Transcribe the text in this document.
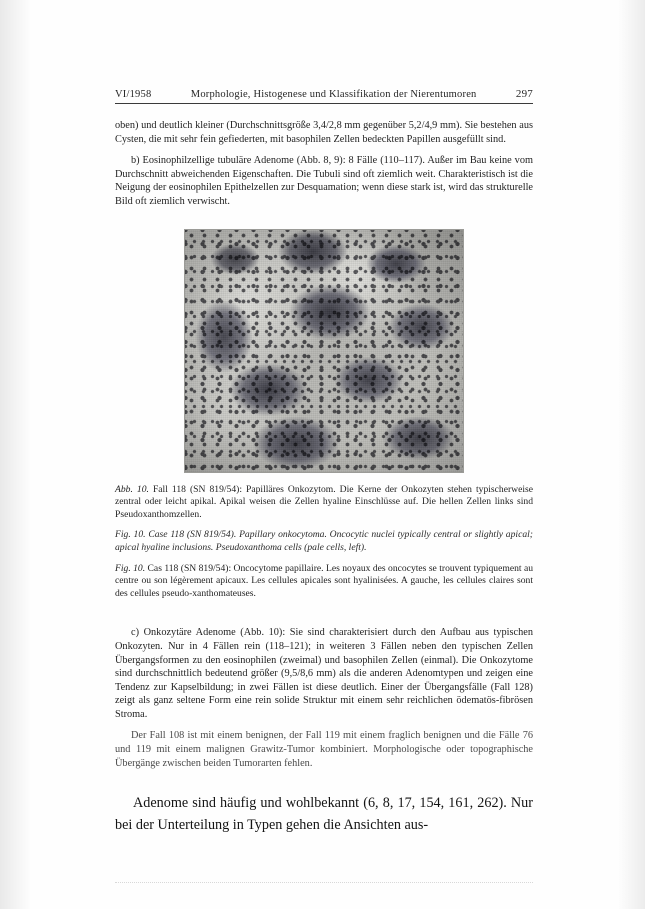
VI/1958	Morphologie, Histogenese und Klassifikation der Nierentumoren	297

oben) und deutlich kleiner (Durchschnittsgröße 3,4/2,8 mm gegenüber 5,2/4,9 mm). Sie bestehen aus Cysten, die mit sehr fein gefiederten, mit basophilen Zellen bedeckten Papillen ausgefüllt sind.

b) Eosinophilzellige tubuläre Adenome (Abb. 8, 9): 8 Fälle (110–117). Außer im Bau keine vom Durchschnitt abweichenden Eigenschaften. Die Tubuli sind oft ziemlich weit. Charakteristisch ist die Neigung der eosinophilen Epithelzellen zur Desquamation; wenn diese stark ist, wird das strukturelle Bild oft ziemlich verwischt.

Abb. 10. Fall 118 (SN 819/54): Papilläres Onkozytom. Die Kerne der Onkozyten stehen typischerweise zentral oder leicht apikal. Apikal weisen die Zellen hyaline Einschlüsse auf. Die hellen Zellen links sind Pseudoxanthomzellen.
Fig. 10. Case 118 (SN 819/54). Papillary onkocytoma. Oncocytic nuclei typically central or slightly apical; apical hyaline inclusions. Pseudoxanthoma cells (pale cells, left).
Fig. 10. Cas 118 (SN 819/54): Oncocytome papillaire. Les noyaux des oncocytes se trouvent typiquement au centre ou son légèrement apicaux. Les cellules apicales sont hyalinisées. A gauche, les cellules claires sont des cellules pseudo-xanthomateuses.

c) Onkozytäre Adenome (Abb. 10): Sie sind charakterisiert durch den Aufbau aus typischen Onkozyten. Nur in 4 Fällen rein (118–121); in weiteren 3 Fällen neben den typischen Zellen Übergangsformen zu den eosinophilen (zweimal) und basophilen Zellen (einmal). Die Onkozytome sind durchschnittlich bedeutend größer (9,5/8,6 mm) als die anderen Adenomtypen und zeigen eine Tendenz zur Kapselbildung; in zwei Fällen ist diese deutlich. Einer der Übergangsfälle (Fall 128) zeigt als ganz seltene Form eine rein solide Struktur mit einem sehr reichlichen ödematös-fibrösen Stroma.

Der Fall 108 ist mit einem benignen, der Fall 119 mit einem fraglich benignen und die Fälle 76 und 119 mit einem malignen Grawitz-Tumor kombiniert. Morphologische oder topographische Übergänge zwischen beiden Tumorarten fehlen.

Adenome sind häufig und wohlbekannt (6, 8, 17, 154, 161, 262). Nur bei der Unterteilung in Typen gehen die Ansichten aus-
